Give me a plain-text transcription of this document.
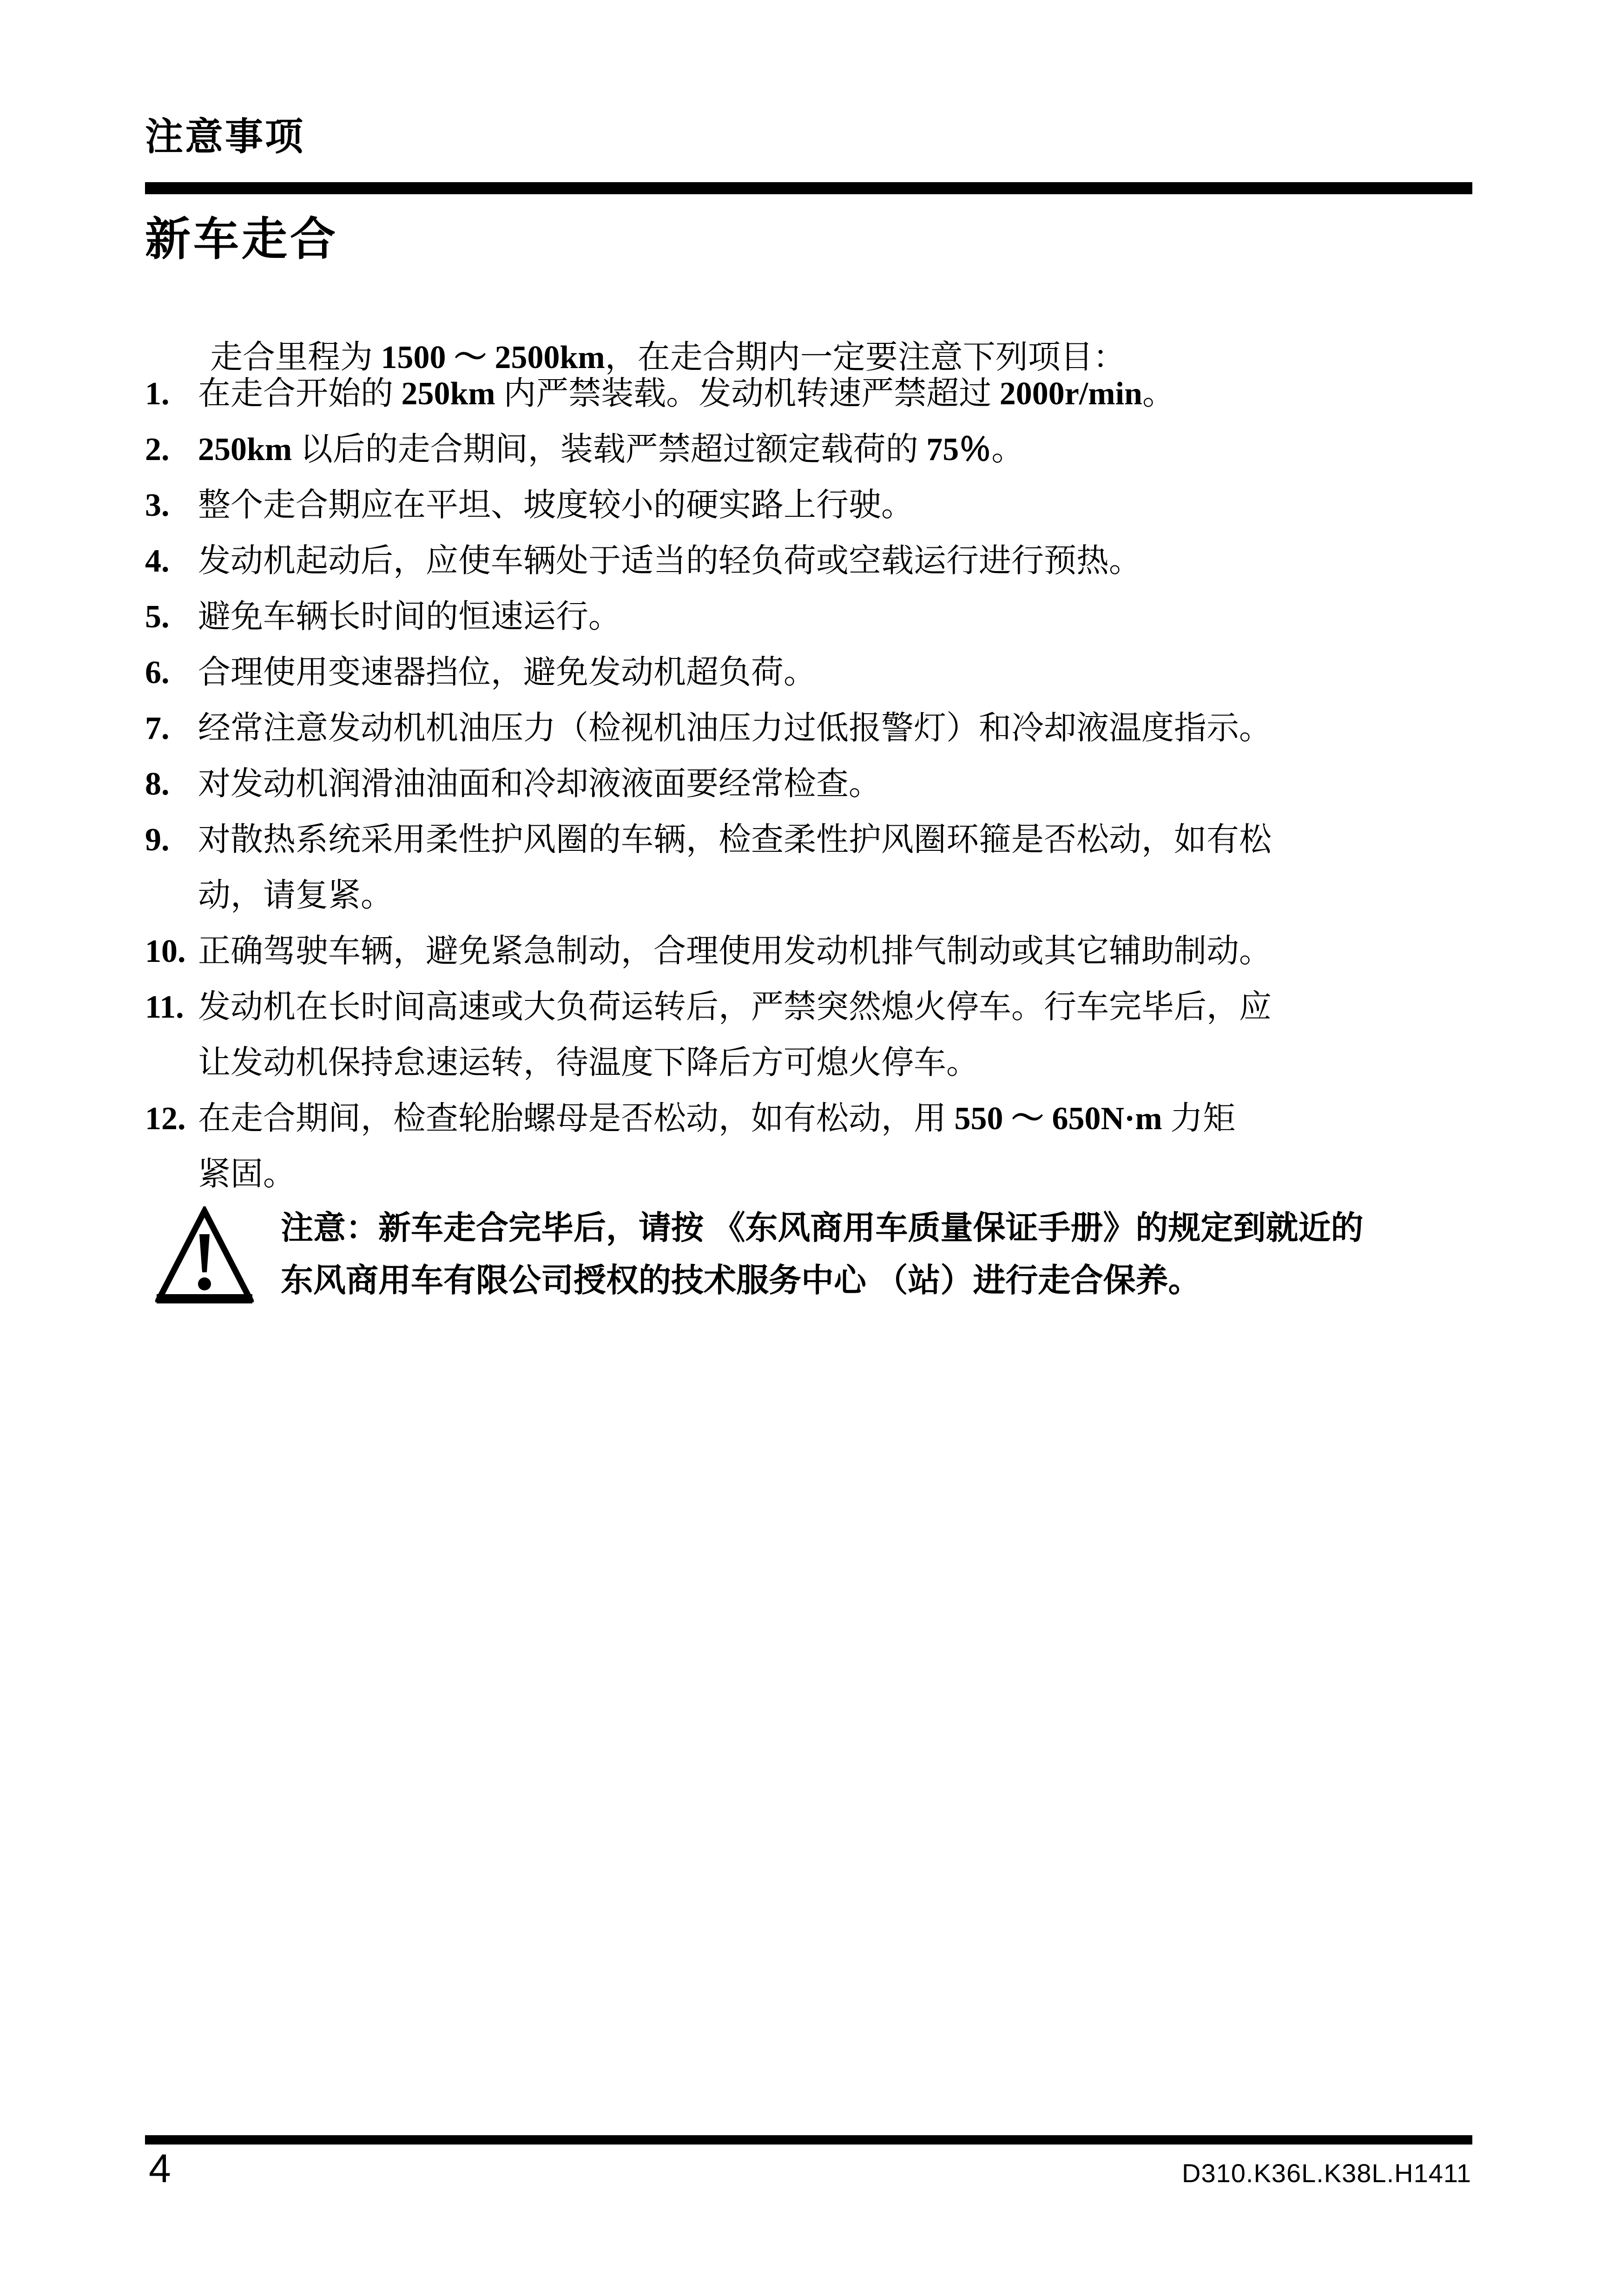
注意事项
新车走合

走合里程为 1500 ～ 2500km，在走合期内一定要注意下列项目：

1. 在走合开始的 250km 内严禁装载。发动机转速严禁超过 2000r/min。
2. 250km 以后的走合期间，装载严禁超过额定载荷的 75％。
3. 整个走合期应在平坦、坡度较小的硬实路上行驶。
4. 发动机起动后，应使车辆处于适当的轻负荷或空载运行进行预热。
5. 避免车辆长时间的恒速运行。
6. 合理使用变速器挡位，避免发动机超负荷。
7. 经常注意发动机机油压力（检视机油压力过低报警灯）和冷却液温度指示。
8. 对发动机润滑油油面和冷却液液面要经常检查。
9. 对散热系统采用柔性护风圈的车辆，检查柔性护风圈环箍是否松动，如有松
动，请复紧。
10. 正确驾驶车辆，避免紧急制动，合理使用发动机排气制动或其它辅助制动。
11. 发动机在长时间高速或大负荷运转后，严禁突然熄火停车。行车完毕后，应
让发动机保持怠速运转，待温度下降后方可熄火停车。
12. 在走合期间，检查轮胎螺母是否松动，如有松动，用 550 ～ 650N·m 力矩
紧固。
注意：新车走合完毕后，请按 《东风商用车质量保证手册》的规定到就近的
东风商用车有限公司授权的技术服务中心 （站）进行走合保养。
4	D310.K36L.K38L.H1411
